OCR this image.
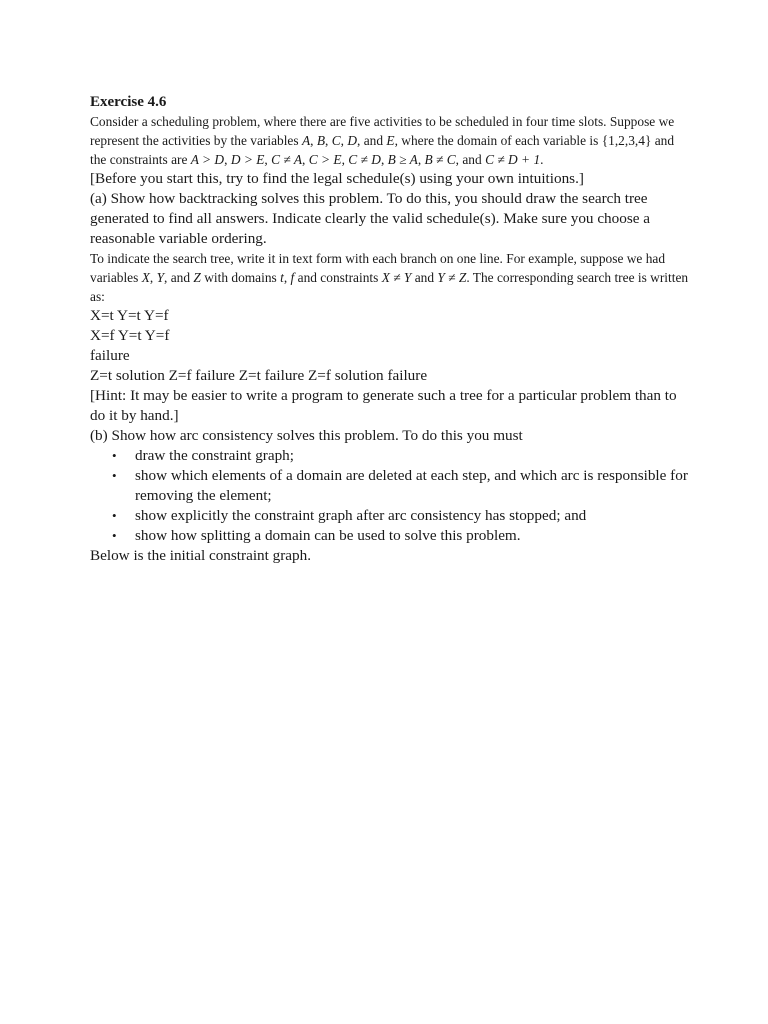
Exercise 4.6

Consider a scheduling problem, where there are five activities to be scheduled in four time slots. Suppose we represent the activities by the variables A, B, C, D, and E, where the domain of each variable is {1,2,3,4} and the constraints are A > D, D > E, C ≠ A, C > E, C ≠ D, B ≥ A, B ≠ C, and C ≠ D + 1.

[Before you start this, try to find the legal schedule(s) using your own intuitions.]

(a) Show how backtracking solves this problem. To do this, you should draw the search tree generated to find all answers. Indicate clearly the valid schedule(s). Make sure you choose a reasonable variable ordering.

To indicate the search tree, write it in text form with each branch on one line. For example, suppose we had variables X, Y, and Z with domains t, f and constraints X ≠ Y and Y ≠ Z. The corresponding search tree is written as:

X=t Y=t Y=f

X=f Y=t Y=f

failure

Z=t solution Z=f failure Z=t failure Z=f solution failure

[Hint: It may be easier to write a program to generate such a tree for a particular problem than to do it by hand.]

(b) Show how arc consistency solves this problem. To do this you must

• draw the constraint graph;
• show which elements of a domain are deleted at each step, and which arc is responsible for removing the element;
• show explicitly the constraint graph after arc consistency has stopped; and
• show how splitting a domain can be used to solve this problem.

Below is the initial constraint graph.
